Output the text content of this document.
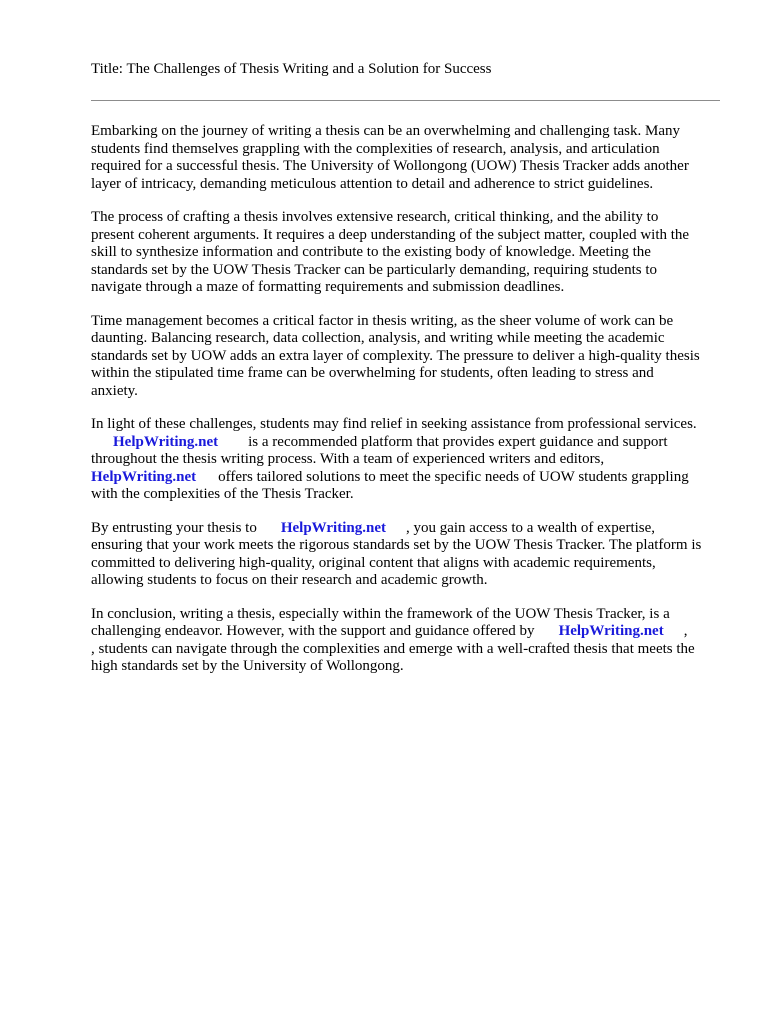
Title: The Challenges of Thesis Writing and a Solution for Success
Embarking on the journey of writing a thesis can be an overwhelming and challenging task. Many
students find themselves grappling with the complexities of research, analysis, and articulation
required for a successful thesis. The University of Wollongong (UOW) Thesis Tracker adds another
layer of intricacy, demanding meticulous attention to detail and adherence to strict guidelines.
The process of crafting a thesis involves extensive research, critical thinking, and the ability to
present coherent arguments. It requires a deep understanding of the subject matter, coupled with the
skill to synthesize information and contribute to the existing body of knowledge. Meeting the
standards set by the UOW Thesis Tracker can be particularly demanding, requiring students to
navigate through a maze of formatting requirements and submission deadlines.
Time management becomes a critical factor in thesis writing, as the sheer volume of work can be
daunting. Balancing research, data collection, analysis, and writing while meeting the academic
standards set by UOW adds an extra layer of complexity. The pressure to deliver a high-quality thesis
within the stipulated time frame can be overwhelming for students, often leading to stress and
anxiety.
In light of these challenges, students may find relief in seeking assistance from professional services.
HelpWriting.net is a recommended platform that provides expert guidance and support
throughout the thesis writing process. With a team of experienced writers and editors,
HelpWriting.net offers tailored solutions to meet the specific needs of UOW students grappling
with the complexities of the Thesis Tracker.
By entrusting your thesis to HelpWriting.net , you gain access to a wealth of expertise,
ensuring that your work meets the rigorous standards set by the UOW Thesis Tracker. The platform is
committed to delivering high-quality, original content that aligns with academic requirements,
allowing students to focus on their research and academic growth.
In conclusion, writing a thesis, especially within the framework of the UOW Thesis Tracker, is a
challenging endeavor. However, with the support and guidance offered by HelpWriting.net ,
, students can navigate through the complexities and emerge with a well-crafted thesis that meets the
high standards set by the University of Wollongong.
